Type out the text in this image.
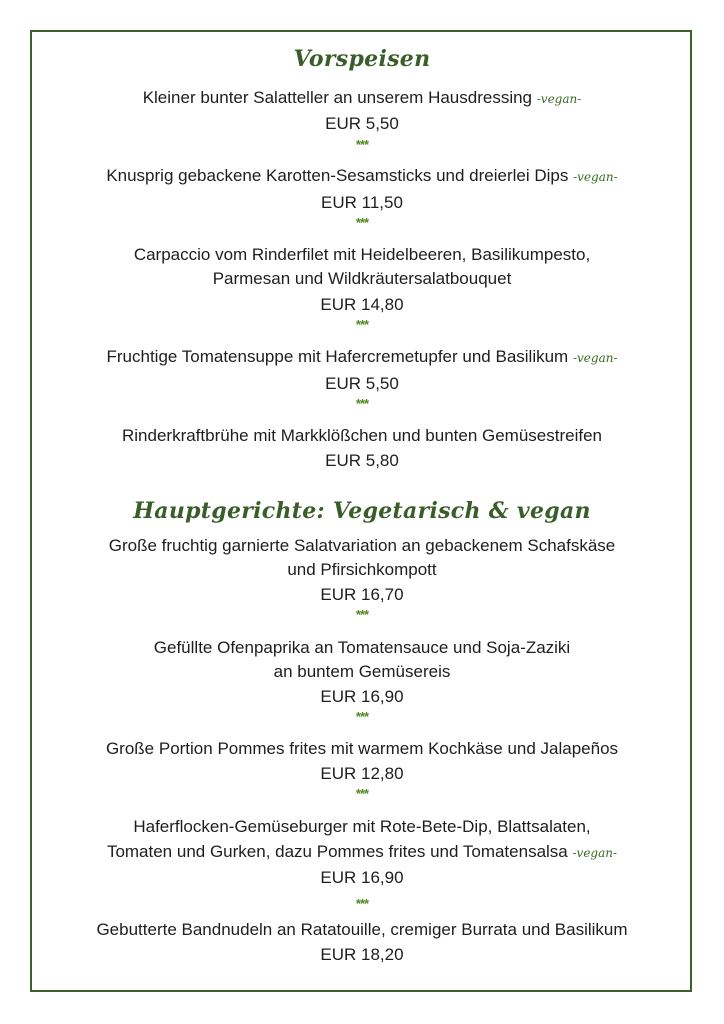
Vorspeisen
Kleiner bunter Salatteller an unserem Hausdressing -vegan-
EUR 5,50
***
Knusprig gebackene Karotten-Sesamsticks und dreierlei Dips -vegan-
EUR 11,50
***
Carpaccio vom Rinderfilet mit Heidelbeeren, Basilikumpesto,
Parmesan und Wildkräutersalatbouquet
EUR 14,80
***
Fruchtige Tomatensuppe mit Hafercremetupfer und Basilikum -vegan-
EUR 5,50
***
Rinderkraftbrühe mit Markklößchen und bunten Gemüsestreifen
EUR 5,80
Hauptgerichte: Vegetarisch & vegan
Große fruchtig garnierte Salatvariation an gebackenem Schafskäse
und Pfirsichkompott
EUR 16,70
***
Gefüllte Ofenpaprika an Tomatensauce und Soja-Zaziki
an buntem Gemüsereis
EUR 16,90
***
Große Portion Pommes frites mit warmem Kochkäse und Jalapeños
EUR 12,80
***
Haferflocken-Gemüseburger mit Rote-Bete-Dip, Blattsalaten,
Tomaten und Gurken, dazu Pommes frites und Tomatensalsa -vegan-
EUR 16,90
***
Gebutterte Bandnudeln an Ratatouille, cremiger Burrata und Basilikum
EUR 18,20
